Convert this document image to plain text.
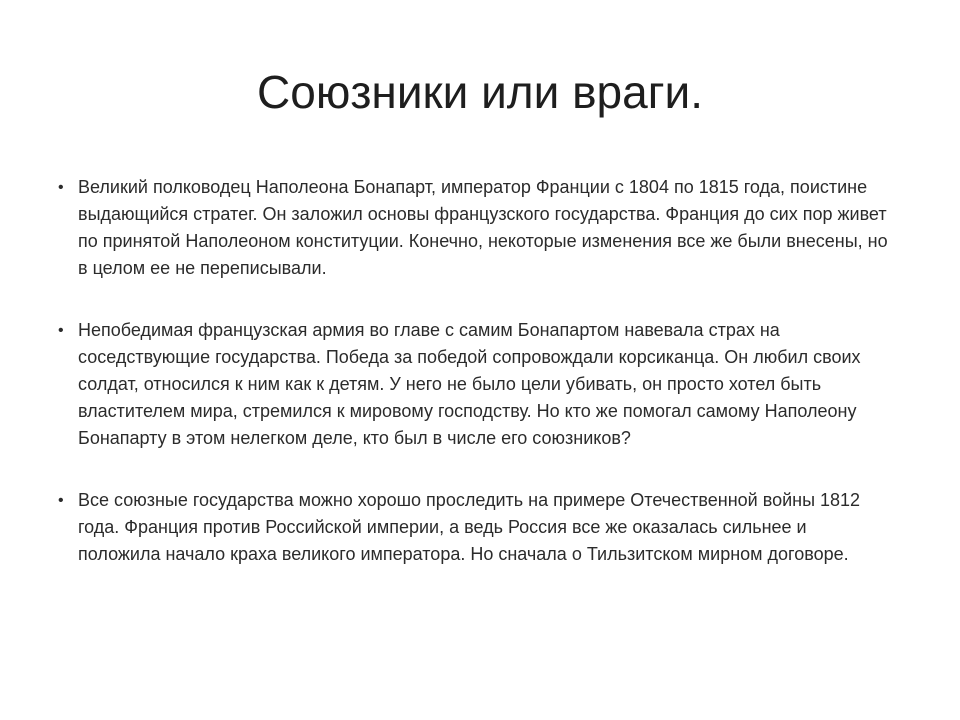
Союзники или враги.
• Великий полководец Наполеона Бонапарт, император Франции с 1804 по 1815 года, поистине выдающийся стратег. Он заложил основы французского государства. Франция до сих пор живет по принятой Наполеоном конституции. Конечно, некоторые изменения все же были внесены, но в целом ее не переписывали.
• Непобедимая французская армия во главе с самим Бонапартом навевала страх на соседствующие государства. Победа за победой сопровождали корсиканца. Он любил своих солдат, относился к ним как к детям. У него не было цели убивать, он просто хотел быть властителем мира, стремился к мировому господству. Но кто же помогал самому Наполеону Бонапарту в этом нелегком деле, кто был в числе его союзников?
• Все союзные государства можно хорошо проследить на примере Отечественной войны 1812 года. Франция против Российской империи, а ведь Россия все же оказалась сильнее и положила начало краха великого императора. Но сначала о Тильзитском мирном договоре.
